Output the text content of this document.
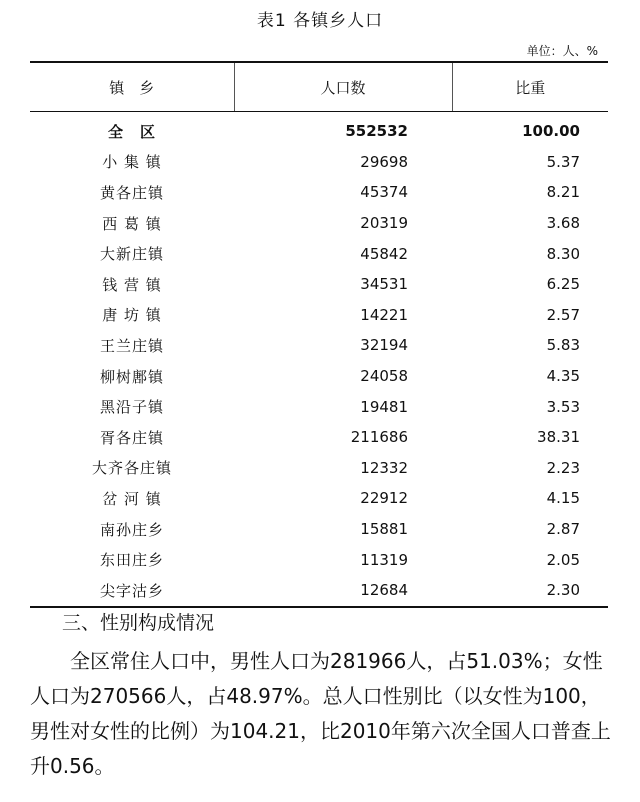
表1 各镇乡人口
单位：人、%
镇　乡	人口数	比重
全　区	552532	100.00
小 集 镇	29698	5.37
黄各庄镇	45374	8.21
西 葛 镇	20319	3.68
大新庄镇	45842	8.30
钱 营 镇	34531	6.25
唐 坊 镇	14221	2.57
王兰庄镇	32194	5.83
柳树鄌镇	24058	4.35
黑沿子镇	19481	3.53
胥各庄镇	211686	38.31
大齐各庄镇	12332	2.23
岔 河 镇	22912	4.15
南孙庄乡	15881	2.87
东田庄乡	11319	2.05
尖字沽乡	12684	2.30
三、性别构成情况
全区常住人口中，男性人口为281966人，占51.03%；女性人口为270566人，占48.97%。总人口性别比（以女性为100，男性对女性的比例）为104.21，比2010年第六次全国人口普查上升0.56。
